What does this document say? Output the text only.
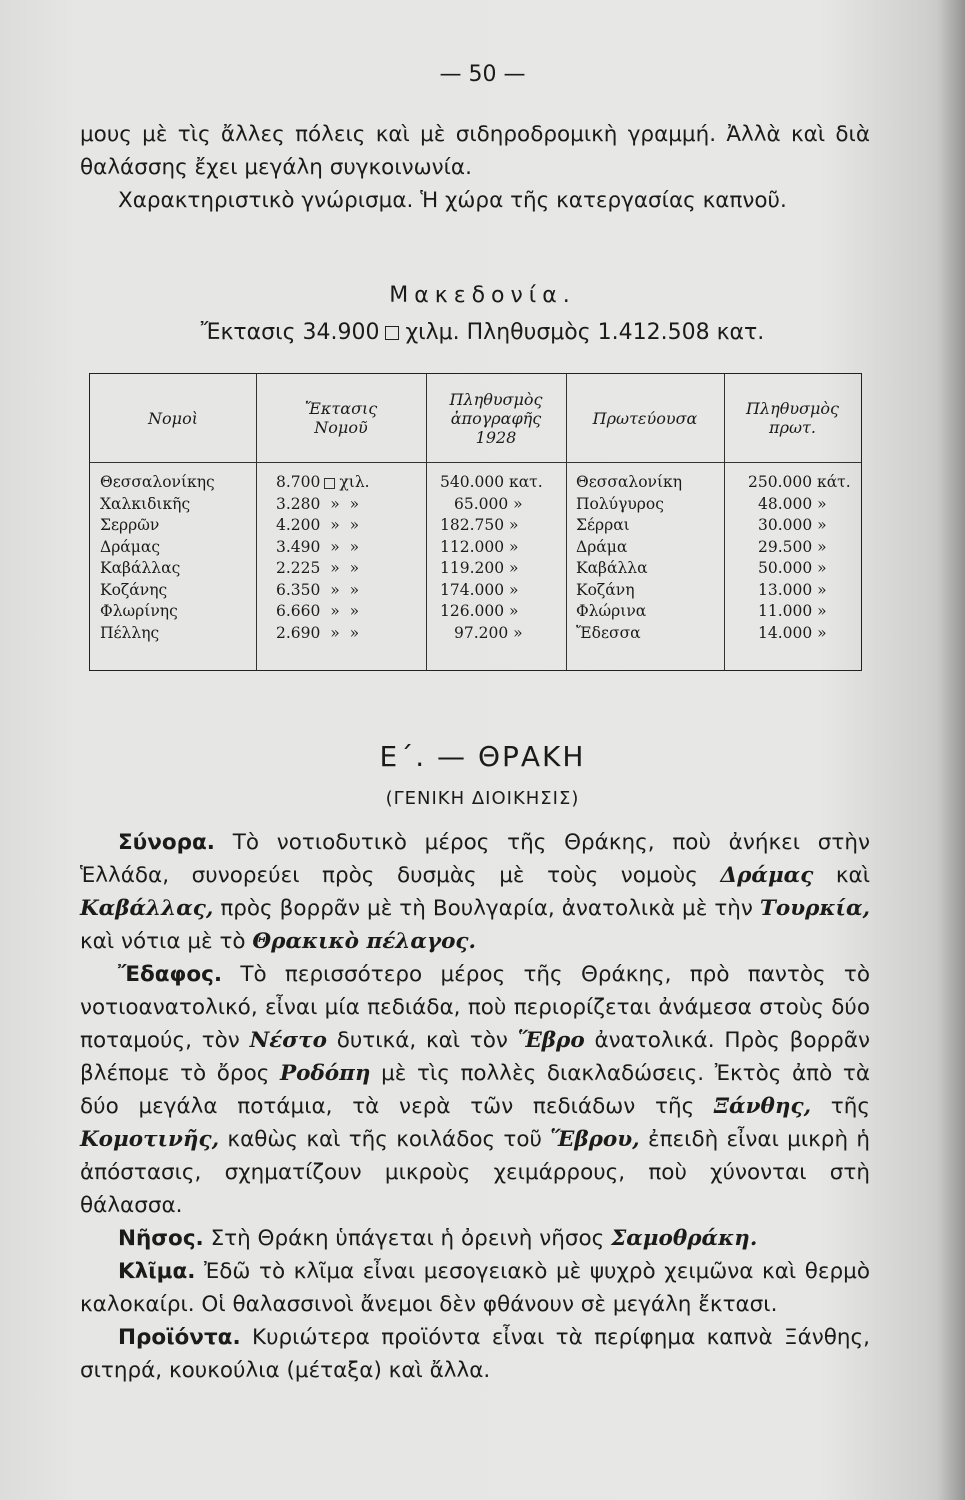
— 50 —

μους μὲ τὶς ἄλλες πόλεις καὶ μὲ σιδηροδρομικὴ γραμμή. Ἀλλὰ καὶ διὰ θαλάσσης ἔχει μεγάλη συγκοινωνία.

Χαρακτηριστικὸ γνώρισμα. Ἡ χώρα τῆς κατεργασίας καπνοῦ.

Μακεδονία.
Ἔκτασις 34.900 χιλμ. Πληθυσμὸς 1.412.508 κατ.
Νομοὶ	Ἔκτασις
Νομοῦ
Πληθυσμὸς
ἀπογραφῆς
1928
Πρωτεύουσα	Πληθυσμὸς
πρωτ.
Θεσσαλονίκης
Χαλκιδικῆς
Σερρῶν
Δράμας
Καβάλλας
Κοζάνης
Φλωρίνης
Πέλλης
8.700 χιλ.
3.280 » »
4.200 » »
3.490 » »
2.225 » »
6.350 » »
6.660 » »
2.690 » »
540.000 κατ.
65.000 »
182.750 »
112.000 »
119.200 »
174.000 »
126.000 »
97.200 »
Θεσσαλονίκη
Πολύγυρος
Σέρραι
Δράμα
Καβάλλα
Κοζάνη
Φλώρινα
Ἔδεσσα
250.000 κάτ.
48.000 »
30.000 »
29.500 »
50.000 »
13.000 »
11.000 »
14.000 »
Ε΄. — ΘΡΑΚΗ
(ΓΕΝΙΚΗ ΔΙΟΙΚΗΣΙΣ)

Σύνορα. Τὸ νοτιοδυτικὸ μέρος τῆς Θράκης, ποὺ ἀνήκει στὴν Ἑλλάδα, συνορεύει πρὸς δυσμὰς μὲ τοὺς νομοὺς Δράμας καὶ Καβάλλας, πρὸς βορρᾶν μὲ τὴ Βουλγαρία, ἀνατολικὰ μὲ τὴν Τουρκία, καὶ νότια μὲ τὸ Θρακικὸ πέλαγος.

Ἔδαφος. Τὸ περισσότερο μέρος τῆς Θράκης, πρὸ παντὸς τὸ νοτιοανατολικό, εἶναι μία πεδιάδα, ποὺ περιορίζεται ἀνάμεσα στοὺς δύο ποταμούς, τὸν Νέστο δυτικά, καὶ τὸν Ἕβρο ἀνατολικά. Πρὸς βορρᾶν βλέπομε τὸ ὄρος Ροδόπη μὲ τὶς πολλὲς διακλαδώσεις. Ἐκτὸς ἀπὸ τὰ δύο μεγάλα ποτάμια, τὰ νερὰ τῶν πεδιάδων τῆς Ξάνθης, τῆς Κομοτινῆς, καθὼς καὶ τῆς κοιλάδος τοῦ Ἕβρου, ἐπειδὴ εἶναι μικρὴ ἡ ἀπόστασις, σχηματίζουν μικροὺς χειμάρρους, ποὺ χύνονται στὴ θάλασσα.

Νῆσος. Στὴ Θράκη ὑπάγεται ἡ ὀρεινὴ νῆσος Σαμοθράκη.

Κλῖμα. Ἐδῶ τὸ κλῖμα εἶναι μεσογειακὸ μὲ ψυχρὸ χειμῶνα καὶ θερμὸ καλοκαίρι. Οἱ θαλασσινοὶ ἄνεμοι δὲν φθάνουν σὲ μεγάλη ἔκτασι.

Προϊόντα. Κυριώτερα προϊόντα εἶναι τὰ περίφημα καπνὰ Ξάνθης, σιτηρά, κουκούλια (μέταξα) καὶ ἄλλα.
